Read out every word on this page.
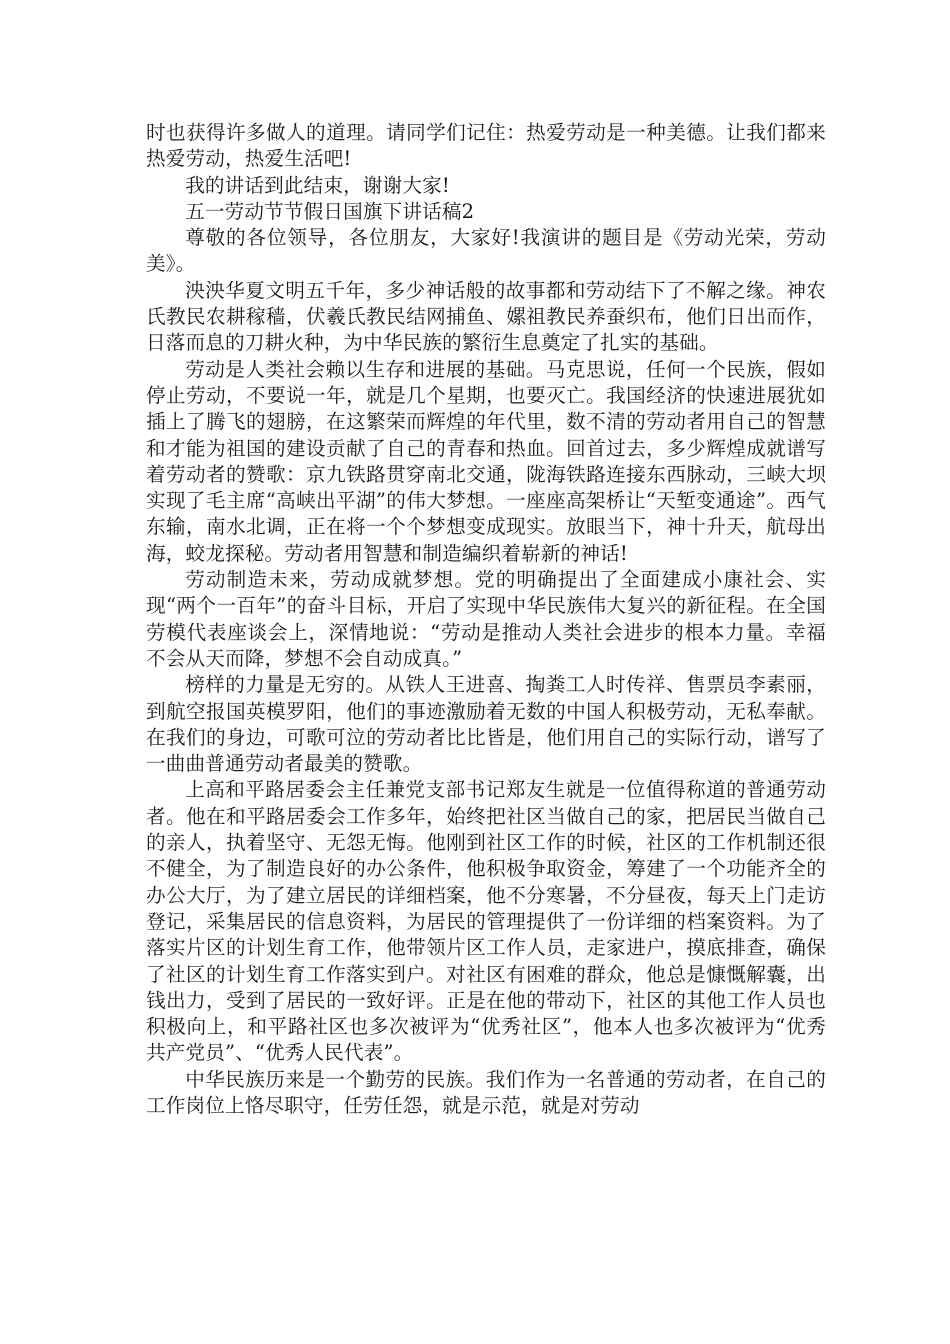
时也获得许多做人的道理。请同学们记住：热爱劳动是一种美德。让我们都来热爱劳动，热爱生活吧!

我的讲话到此结束，谢谢大家!

五一劳动节节假日国旗下讲话稿2

尊敬的各位领导，各位朋友，大家好!我演讲的题目是《劳动光荣，劳动美》。

泱泱华夏文明五千年，多少神话般的故事都和劳动结下了不解之缘。神农氏教民农耕稼穑，伏羲氏教民结网捕鱼、嫘祖教民养蚕织布，他们日出而作，日落而息的刀耕火种，为中华民族的繁衍生息奠定了扎实的基础。

劳动是人类社会赖以生存和进展的基础。马克思说，任何一个民族，假如停止劳动，不要说一年，就是几个星期，也要灭亡。我国经济的快速进展犹如插上了腾飞的翅膀，在这繁荣而辉煌的年代里，数不清的劳动者用自己的智慧和才能为祖国的建设贡献了自己的青春和热血。回首过去，多少辉煌成就谱写着劳动者的赞歌：京九铁路贯穿南北交通，陇海铁路连接东西脉动，三峡大坝实现了毛主席“高峡出平湖”的伟大梦想。一座座高架桥让“天堑变通途”。西气东输，南水北调，正在将一个个梦想变成现实。放眼当下，神十升天，航母出海，蛟龙探秘。劳动者用智慧和制造编织着崭新的神话!

劳动制造未来，劳动成就梦想。党的明确提出了全面建成小康社会、实现“两个一百年”的奋斗目标，开启了实现中华民族伟大复兴的新征程。在全国劳模代表座谈会上，深情地说：“劳动是推动人类社会进步的根本力量。幸福不会从天而降，梦想不会自动成真。”

榜样的力量是无穷的。从铁人王进喜、掏粪工人时传祥、售票员李素丽，到航空报国英模罗阳，他们的事迹激励着无数的中国人积极劳动，无私奉献。在我们的身边，可歌可泣的劳动者比比皆是，他们用自己的实际行动，谱写了一曲曲普通劳动者最美的赞歌。

上高和平路居委会主任兼党支部书记郑友生就是一位值得称道的普通劳动者。他在和平路居委会工作多年，始终把社区当做自己的家，把居民当做自己的亲人，执着坚守、无怨无悔。他刚到社区工作的时候，社区的工作机制还很不健全，为了制造良好的办公条件，他积极争取资金，筹建了一个功能齐全的办公大厅，为了建立居民的详细档案，他不分寒暑，不分昼夜，每天上门走访登记，采集居民的信息资料，为居民的管理提供了一份详细的档案资料。为了落实片区的计划生育工作，他带领片区工作人员，走家进户，摸底排查，确保了社区的计划生育工作落实到户。对社区有困难的群众，他总是慷慨解囊，出钱出力，受到了居民的一致好评。正是在他的带动下，社区的其他工作人员也积极向上，和平路社区也多次被评为“优秀社区”，他本人也多次被评为“优秀共产党员”、“优秀人民代表”。

中华民族历来是一个勤劳的民族。我们作为一名普通的劳动者，在自己的工作岗位上恪尽职守，任劳任怨，就是示范，就是对劳动
